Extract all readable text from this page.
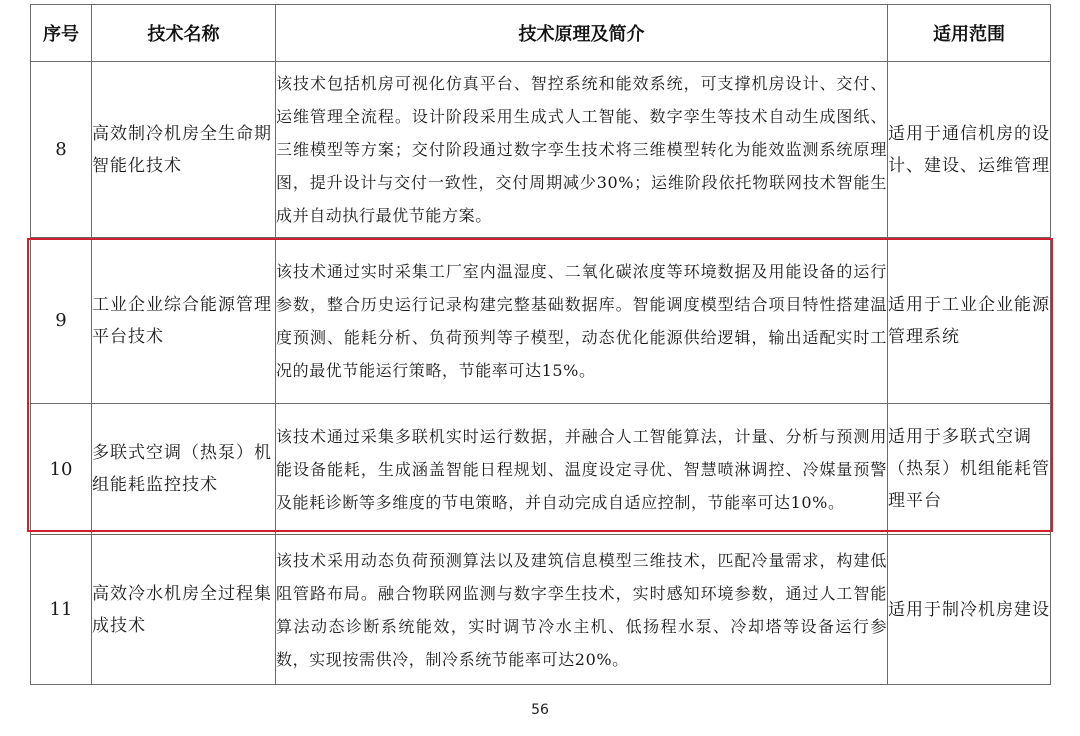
序号	技术名称	技术原理及简介	适用范围
8	高效制冷机房全生命期智能化技术	该技术包括机房可视化仿真平台、智控系统和能效系统，可支撑机房设计、交付、运维管理全流程。设计阶段采用生成式人工智能、数字孪生等技术自动生成图纸、三维模型等方案；交付阶段通过数字孪生技术将三维模型转化为能效监测系统原理图，提升设计与交付一致性，交付周期减少30%；运维阶段依托物联网技术智能生成并自动执行最优节能方案。	适用于通信机房的设计、建设、运维管理
9	工业企业综合能源管理平台技术	该技术通过实时采集工厂室内温湿度、二氧化碳浓度等环境数据及用能设备的运行参数，整合历史运行记录构建完整基础数据库。智能调度模型结合项目特性搭建温度预测、能耗分析、负荷预判等子模型，动态优化能源供给逻辑，输出适配实时工况的最优节能运行策略，节能率可达15%。	适用于工业企业能源管理系统
10	多联式空调（热泵）机组能耗监控技术	该技术通过采集多联机实时运行数据，并融合人工智能算法，计量、分析与预测用能设备能耗，生成涵盖智能日程规划、温度设定寻优、智慧喷淋调控、冷媒量预警及能耗诊断等多维度的节电策略，并自动完成自适应控制，节能率可达10%。	适用于多联式空调（热泵）机组能耗管理平台
11	高效冷水机房全过程集成技术	该技术采用动态负荷预测算法以及建筑信息模型三维技术，匹配冷量需求，构建低阻管路布局。融合物联网监测与数字孪生技术，实时感知环境参数，通过人工智能算法动态诊断系统能效，实时调节冷水主机、低扬程水泵、冷却塔等设备运行参数，实现按需供冷，制冷系统节能率可达20%。	适用于制冷机房建设
56
